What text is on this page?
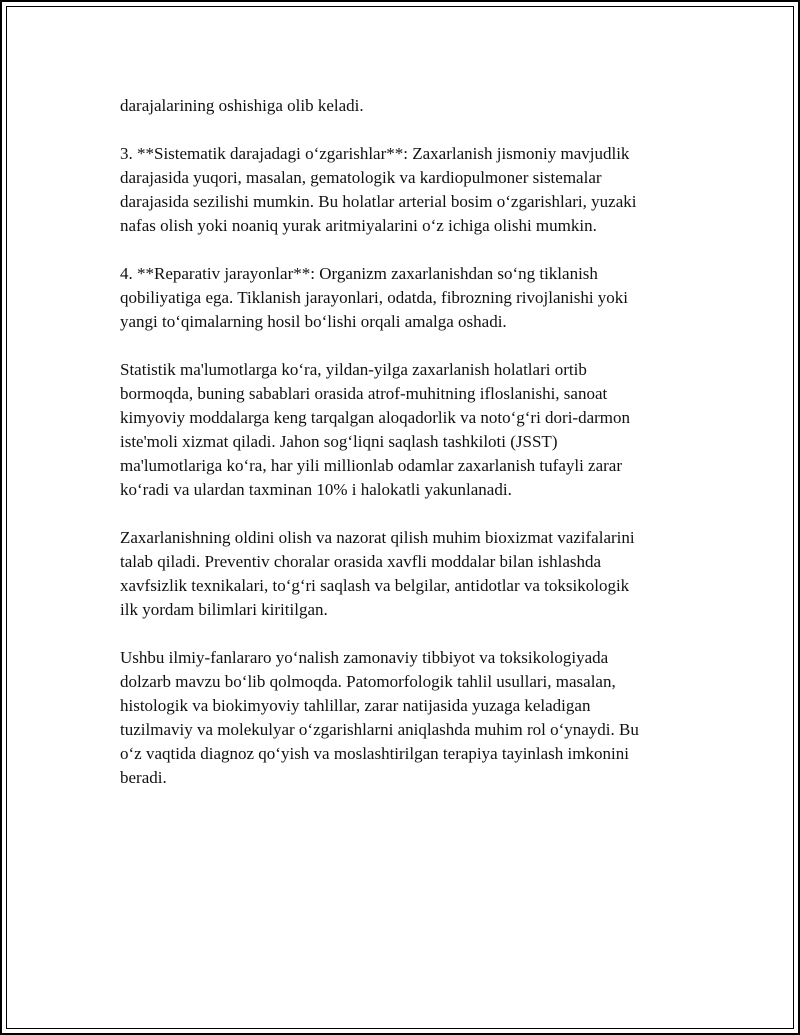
darajalarining oshishiga olib keladi.

3. **Sistematik darajadagi o‘zgarishlar**: Zaxarlanish jismoniy mavjudlik
darajasida yuqori, masalan, gematologik va kardiopulmoner sistemalar
darajasida sezilishi mumkin. Bu holatlar arterial bosim o‘zgarishlari, yuzaki
nafas olish yoki noaniq yurak aritmiyalarini o‘z ichiga olishi mumkin.

4. **Reparativ jarayonlar**: Organizm zaxarlanishdan so‘ng tiklanish
qobiliyatiga ega. Tiklanish jarayonlari, odatda, fibrozning rivojlanishi yoki
yangi to‘qimalarning hosil bo‘lishi orqali amalga oshadi.

Statistik ma'lumotlarga ko‘ra, yildan-yilga zaxarlanish holatlari ortib
bormoqda, buning sabablari orasida atrof-muhitning ifloslanishi, sanoat
kimyoviy moddalarga keng tarqalgan aloqadorlik va noto‘g‘ri dori-darmon
iste'moli xizmat qiladi. Jahon sog‘liqni saqlash tashkiloti (JSST)
ma'lumotlariga ko‘ra, har yili millionlab odamlar zaxarlanish tufayli zarar
ko‘radi va ulardan taxminan 10% i halokatli yakunlanadi.

Zaxarlanishning oldini olish va nazorat qilish muhim bioxizmat vazifalarini
talab qiladi. Preventiv choralar orasida xavfli moddalar bilan ishlashda
xavfsizlik texnikalari, to‘g‘ri saqlash va belgilar, antidotlar va toksikologik
ilk yordam bilimlari kiritilgan.

Ushbu ilmiy-fanlararo yo‘nalish zamonaviy tibbiyot va toksikologiyada
dolzarb mavzu bo‘lib qolmoqda. Patomorfologik tahlil usullari, masalan,
histologik va biokimyoviy tahlillar, zarar natijasida yuzaga keladigan
tuzilmaviy va molekulyar o‘zgarishlarni aniqlashda muhim rol o‘ynaydi. Bu
o‘z vaqtida diagnoz qo‘yish va moslashtirilgan terapiya tayinlash imkonini
beradi.
